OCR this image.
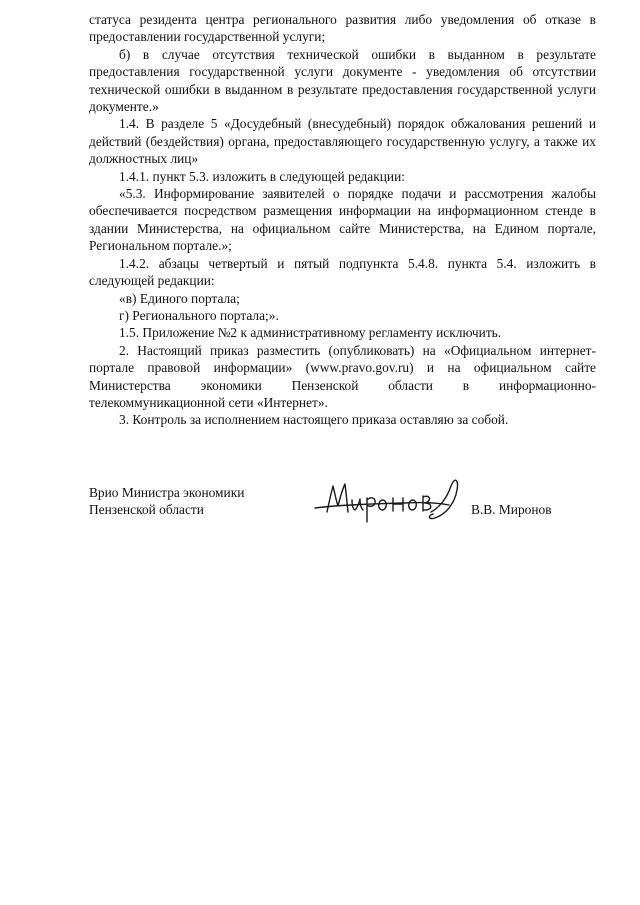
статуса резидента центра регионального развития либо уведомления об отказе в предоставлении государственной услуги;

б) в случае отсутствия технической ошибки в выданном в результате предоставления государственной услуги документе - уведомления об отсутствии технической ошибки в выданном в результате предоставления государственной услуги документе.»

1.4. В разделе 5 «Досудебный (внесудебный) порядок обжалования решений и действий (бездействия) органа, предоставляющего государственную услугу, а также их должностных лиц»

1.4.1. пункт 5.3. изложить в следующей редакции:

«5.3. Информирование заявителей о порядке подачи и рассмотрения жалобы обеспечивается посредством размещения информации на информационном стенде в здании Министерства, на официальном сайте Министерства, на Едином портале, Региональном портале.»;

1.4.2. абзацы четвертый и пятый подпункта 5.4.8. пункта 5.4. изложить в следующей редакции:

«в) Единого портала;

г) Регионального портала;».

1.5. Приложение №2 к административному регламенту исключить.

2. Настоящий приказ разместить (опубликовать) на «Официальном интернет-портале правовой информации» (www.pravo.gov.ru) и на официальном сайте Министерства экономики Пензенской области в информационно-телекоммуникационной сети «Интернет».

3. Контроль за исполнением настоящего приказа оставляю за собой.

Врио Министра экономики
Пензенской области	В.В. Миронов
